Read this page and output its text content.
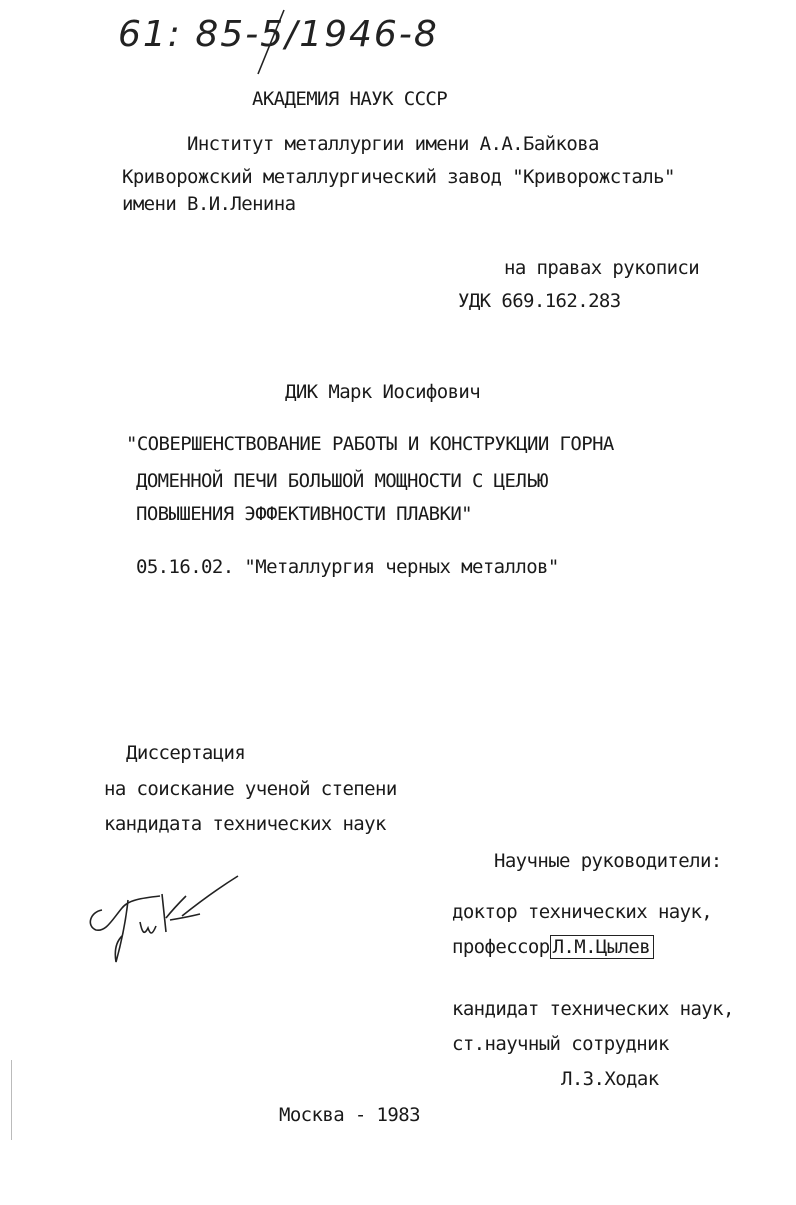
61: 85-5/1946-8
АКАДЕМИЯ НАУК СССР
Институт металлургии имени А.А.Байкова
Криворожский металлургический завод "Криворожсталь"
имени В.И.Ленина
на правах рукописи
УДК 669.162.283
ДИК Марк Иосифович
"СОВЕРШЕНСТВОВАНИЕ РАБОТЫ И КОНСТРУКЦИИ ГОРНА
ДОМЕННОЙ ПЕЧИ БОЛЬШОЙ МОЩНОСТИ С ЦЕЛЬЮ
ПОВЫШЕНИЯ ЭФФЕКТИВНОСТИ ПЛАВКИ"
05.16.02. "Металлургия черных металлов"
Диссертация
на соискание ученой степени
кандидата технических наук
Научные руководители:
доктор технических наук,
профессор Л.М.Цылев
кандидат технических наук,
ст.научный сотрудник
Л.З.Ходак
Москва - 1983
